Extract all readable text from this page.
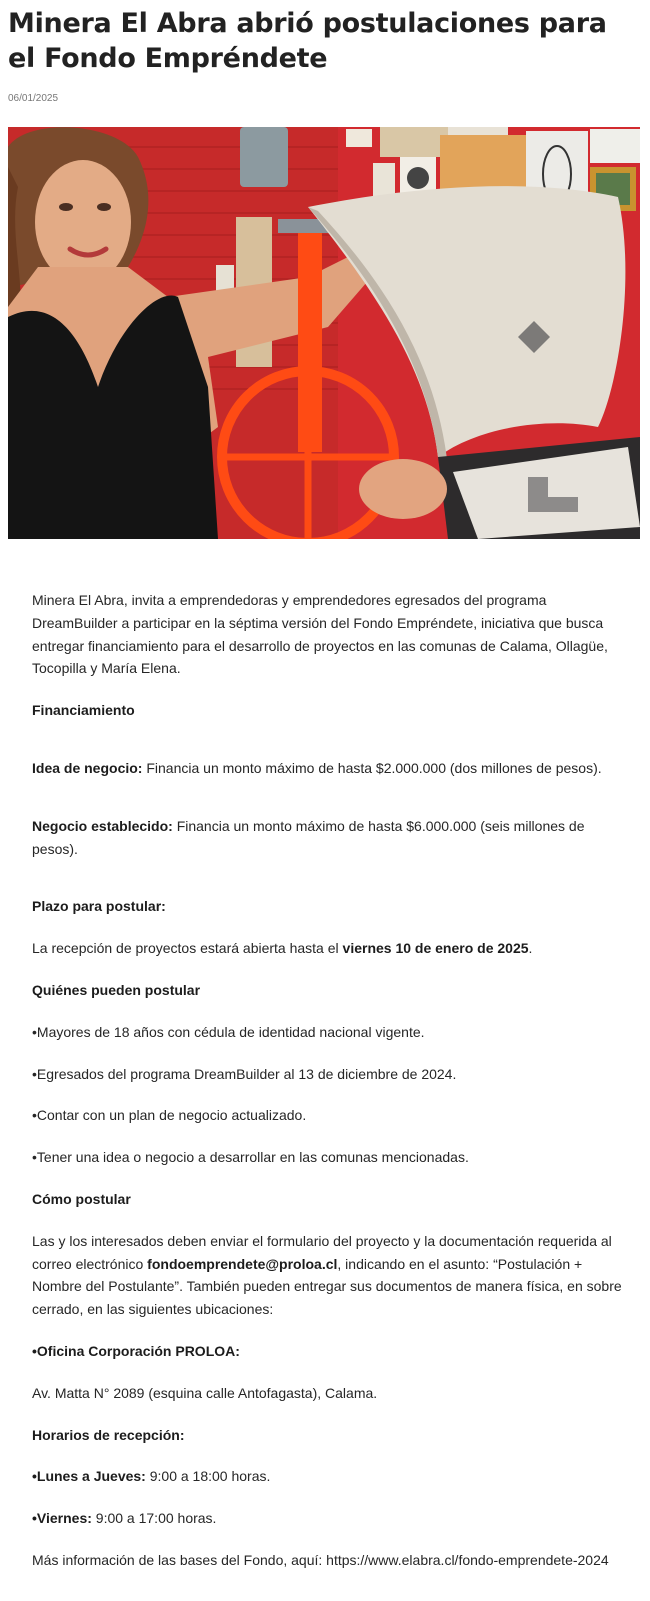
Minera El Abra abrió postulaciones para el Fondo Empréndete
06/01/2025

Minera El Abra, invita a emprendedoras y emprendedores egresados del programa DreamBuilder a participar en la séptima versión del Fondo Empréndete, iniciativa que busca entregar financiamiento para el desarrollo de proyectos en las comunas de Calama, Ollagüe, Tocopilla y María Elena.

Financiamiento

Idea de negocio: Financia un monto máximo de hasta $2.000.000 (dos millones de pesos).

Negocio establecido: Financia un monto máximo de hasta $6.000.000 (seis millones de pesos).

Plazo para postular:

La recepción de proyectos estará abierta hasta el viernes 10 de enero de 2025.

Quiénes pueden postular

•Mayores de 18 años con cédula de identidad nacional vigente.

•Egresados del programa DreamBuilder al 13 de diciembre de 2024.

•Contar con un plan de negocio actualizado.

•Tener una idea o negocio a desarrollar en las comunas mencionadas.

Cómo postular

Las y los interesados deben enviar el formulario del proyecto y la documentación requerida al correo electrónico fondoemprendete@proloa.cl, indicando en el asunto: “Postulación + Nombre del Postulante”. También pueden entregar sus documentos de manera física, en sobre cerrado, en las siguientes ubicaciones:

•Oficina Corporación PROLOA:

Av. Matta N° 2089 (esquina calle Antofagasta), Calama.

Horarios de recepción:

•Lunes a Jueves: 9:00 a 18:00 horas.

•Viernes: 9:00 a 17:00 horas.

Más información de las bases del Fondo, aquí: https://www.elabra.cl/fondo-emprendete-2024
